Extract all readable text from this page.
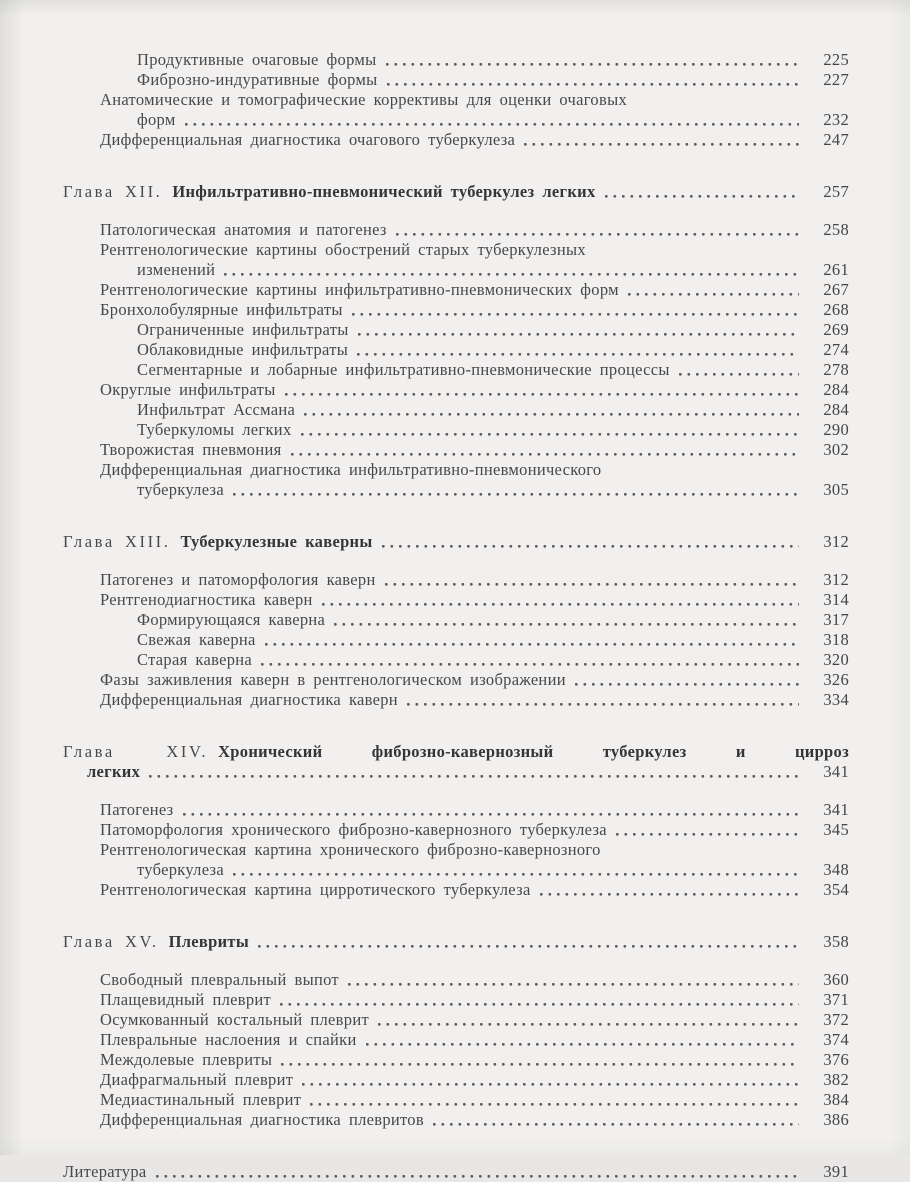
Продуктивные очаговые формы	225
Фиброзно-индуративные формы	227
Анатомические и томографические коррективы для оценки очаговых
форм	232
Дифференциальная диагностика очагового туберкулеза	247
Глава XII. Инфильтративно-пневмонический туберкулез легких	257
Патологическая анатомия и патогенез	258
Рентгенологические картины обострений старых туберкулезных
изменений	261
Рентгенологические картины инфильтративно-пневмонических форм	267
Бронхолобулярные инфильтраты	268
Ограниченные инфильтраты	269
Облаковидные инфильтраты	274
Сегментарные и лобарные инфильтративно-пневмонические процессы	278
Округлые инфильтраты	284
Инфильтрат Ассмана	284
Туберкуломы легких	290
Творожистая пневмония	302
Дифференциальная диагностика инфильтративно-пневмонического
туберкулеза	305
Глава XIII. Туберкулезные каверны	312
Патогенез и патоморфология каверн	312
Рентгенодиагностика каверн	314
Формирующаяся каверна	317
Свежая каверна	318
Старая каверна	320
Фазы заживления каверн в рентгенологическом изображении	326
Дифференциальная диагностика каверн	334
Глава XIV. Хронический фиброзно-кавернозный туберкулез и цирроз
легких	341
Патогенез	341
Патоморфология хронического фиброзно-кавернозного туберкулеза	345
Рентгенологическая картина хронического фиброзно-кавернозного
туберкулеза	348
Рентгенологическая картина цирротического туберкулеза	354
Глава XV. Плевриты	358
Свободный плевральный выпот	360
Плащевидный плеврит	371
Осумкованный костальный плеврит	372
Плевральные наслоения и спайки	374
Междолевые плевриты	376
Диафрагмальный плеврит	382
Медиастинальный плеврит	384
Дифференциальная диагностика плевритов	386
Литература	391
